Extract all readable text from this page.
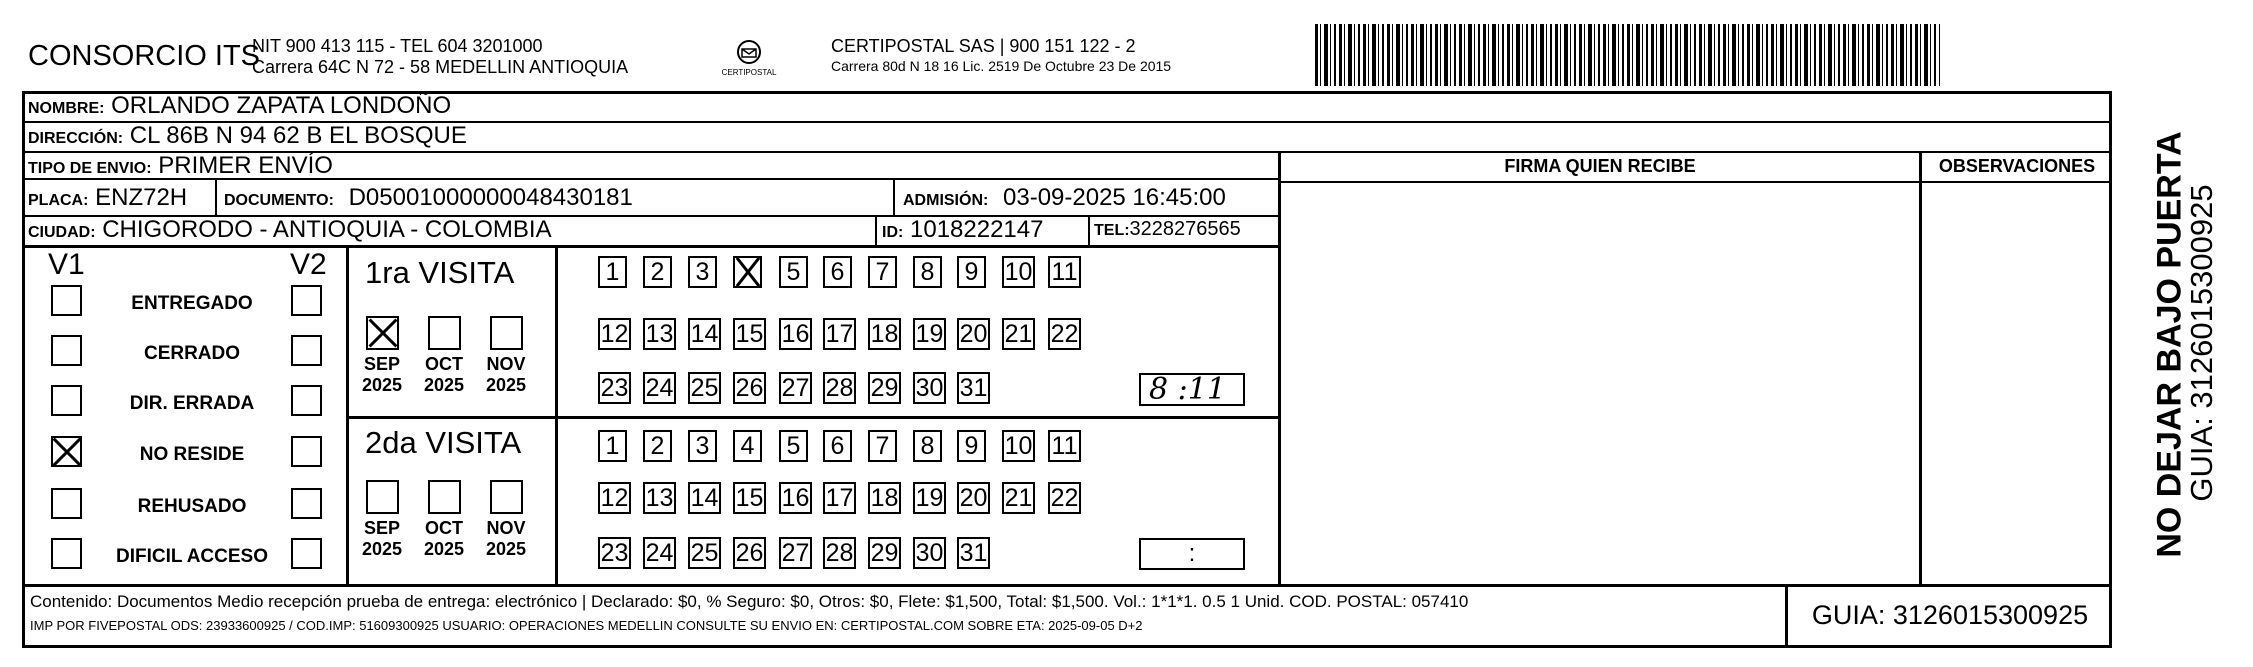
CONSORCIO ITS
NIT 900 413 115 - TEL 604 3201000
Carrera 64C N 72 - 58 MEDELLIN ANTIOQUIA	CERTIPOSTAL
CERTIPOSTAL SAS | 900 151 122 - 2
Carrera 80d N 18 16 Lic. 2519 De Octubre 23 De 2015
NOMBRE: ORLANDO ZAPATA LONDOÑO
DIRECCIÓN: CL 86B N 94 62 B EL BOSQUE
TIPO DE ENVIO: PRIMER ENVÍO
PLACA: ENZ72H DOCUMENTO: D05001000000048430181	ADMISIÓN: 03-09-2025 16:45:00
CIUDAD: CHIGORODO - ANTIOQUIA - COLOMBIA	ID: 1018222147	TEL:3228276565
FIRMA QUIEN RECIBE	OBSERVACIONES
V1	V2
ENTREGADO
CERRADO
DIR. ERRADA
NO RESIDE
REHUSADO
DIFICIL ACCESO
1ra VISITA
SEP
2025
OCT
2025
NOV
2025
1	2	3	5	6	7	8	9	10 11
12 13 14 15 16 17 18 19 20 21 22
23 24 25 26 27 28 29 30 31	8 :11
2da VISITA
SEP
2025
OCT
2025
NOV
2025
1	2	3	4	5	6	7	8	9	10 11
12 13 14 15 16 17 18 19 20 21 22
23 24 25 26 27 28 29 30 31	:
Contenido: Documentos Medio recepción prueba de entrega: electrónico | Declarado: $0, % Seguro: $0, Otros: $0, Flete: $1,500, Total: $1,500. Vol.: 1*1*1. 0.5 1 Unid. COD. POSTAL: 057410
IMP POR FIVEPOSTAL ODS: 23933600925 / COD.IMP: 51609300925 USUARIO: OPERACIONES MEDELLIN CONSULTE SU ENVIO EN: CERTIPOSTAL.COM SOBRE ETA: 2025-09-05 D+2	GUIA: 3126015300925
NO DEJAR BAJO PUERTA
GUIA: 3126015300925
